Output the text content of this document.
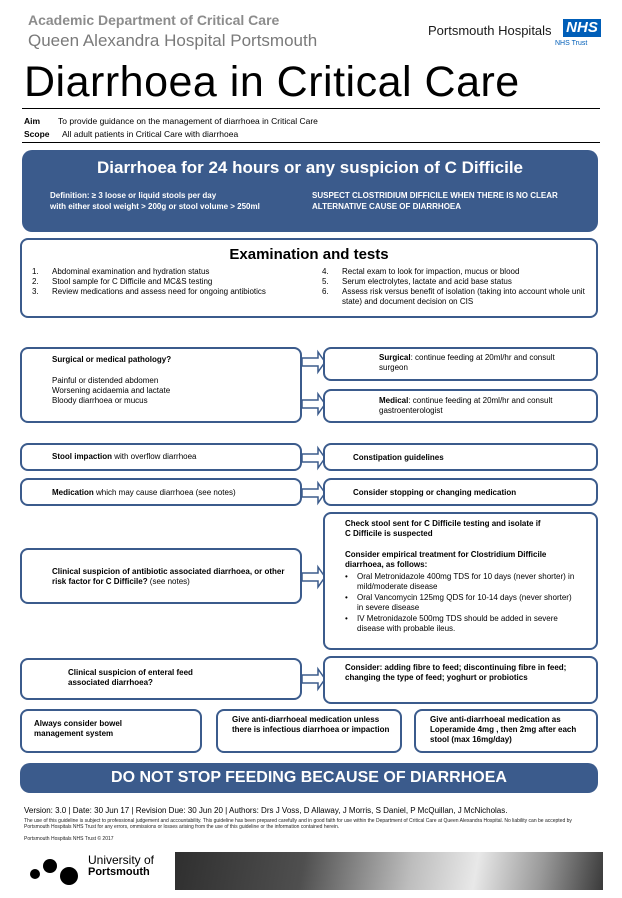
Academic Department of Critical Care
Queen Alexandra Hospital Portsmouth
Portsmouth Hospitals NHS
NHS Trust
Diarrhoea in Critical Care
Aim To provide guidance on the management of diarrhoea in Critical Care
Scope All adult patients in Critical Care with diarrhoea
Diarrhoea for 24 hours or any suspicion of C Difficile
Definition: ≥ 3 loose or liquid stools per day
with either stool weight > 200g or stool volume > 250ml
SUSPECT CLOSTRIDIUM DIFFICILE WHEN THERE IS NO CLEAR ALTERNATIVE CAUSE OF DIARRHOEA
Examination and tests
1. Abdominal examination and hydration status
2. Stool sample for C Difficile and MC&S testing
3. Review medications and assess need for ongoing antibiotics
4. Rectal exam to look for impaction, mucus or blood
5. Serum electrolytes, lactate and acid base status
6.	Assess risk versus benefit of isolation (taking into account whole unit state) and document decision on CIS
Surgical or medical pathology?
Painful or distended abdomen
Worsening acidaemia and lactate
Bloody diarrhoea or mucus
Surgical: continue feeding at 20ml/hr and consult surgeon
Medical: continue feeding at 20ml/hr and consult gastroenterologist
Stool impaction with overflow diarrhoea	Constipation guidelines
Medication which may cause diarrhoea (see notes)	Consider stopping or changing medication
Clinical suspicion of antibiotic associated diarrhoea, or other risk factor for C Difficile? (see notes)
Check stool sent for C Difficile testing and isolate if C Difficile is suspected
Consider empirical treatment for Clostridium Difficile diarrhoea, as follows:
•	Oral Metronidazole 400mg TDS for 10 days (never shorter) in mild/moderate disease
•	Oral Vancomycin 125mg QDS for 10-14 days (never shorter) in severe disease
•	IV Metronidazole 500mg TDS should be added in severe disease with probable ileus.
Clinical suspicion of enteral feed associated diarrhoea?
Consider: adding fibre to feed; discontinuing fibre in feed; changing the type of feed; yoghurt or probiotics
Always consider bowel management system
Give anti-diarrhoeal medication unless there is infectious diarrhoea or impaction
Give anti-diarrhoeal medication as Loperamide 4mg , then 2mg after each stool (max 16mg/day)
DO NOT STOP FEEDING BECAUSE OF DIARRHOEA
Version: 3.0 | Date: 30 Jun 17 | Revision Due: 30 Jun 20 | Authors: Drs J Voss, D Allaway, J Morris, S Daniel, P McQuillan, J McNicholas.
The use of this guideline is subject to professional judgement and accountability. This guideline has been prepared carefully and in good faith for use within the Department of Critical Care at Queen Alexandra Hospital. No liability can be accepted by Portsmouth Hospitals NHS Trust for any errors, ommissions or losses arising from the use of this guideline or the information contained herein.
Portsmouth Hospitals NHS Trust © 2017
University of
Portsmouth
